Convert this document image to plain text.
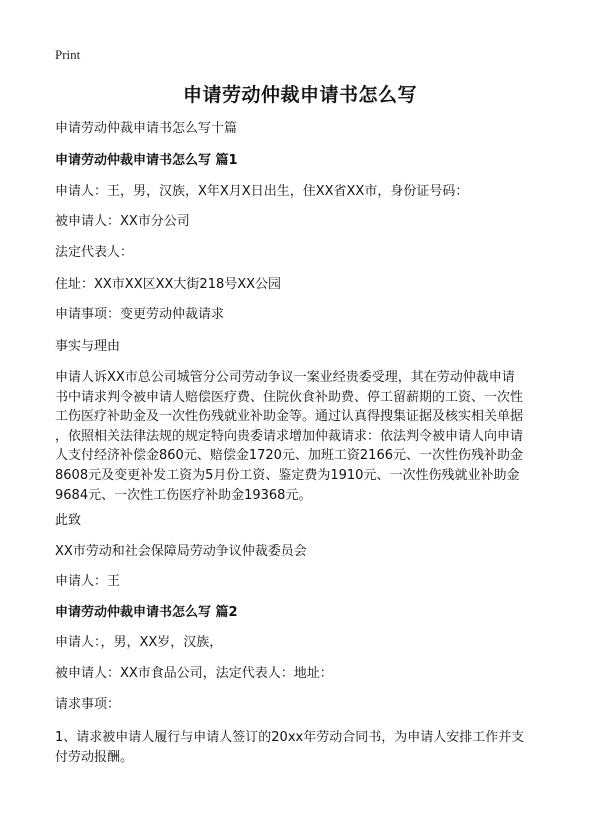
Print
申请劳动仲裁申请书怎么写
申请劳动仲裁申请书怎么写十篇
申请劳动仲裁申请书怎么写 篇1
申请人：王，男，汉族，X年X月X日出生，住XX省XX市，身份证号码：
被申请人：XX市分公司
法定代表人：
住址：XX市XX区XX大街218号XX公园
申请事项：变更劳动仲裁请求
事实与理由
申请人诉XX市总公司城管分公司劳动争议一案业经贵委受理，其在劳动仲裁申请
书中请求判令被申请人赔偿医疗费、住院伙食补助费、停工留薪期的工资、一次性
工伤医疗补助金及一次性伤残就业补助金等。通过认真得搜集证据及核实相关单据
，依照相关法律法规的规定特向贵委请求增加仲裁请求：依法判令被申请人向申请
人支付经济补偿金860元、赔偿金1720元、加班工资2166元、一次性伤残补助金
8608元及变更补发工资为5月份工资、鉴定费为1910元、一次性伤残就业补助金
9684元、一次性工伤医疗补助金19368元。
此致
XX市劳动和社会保障局劳动争议仲裁委员会
申请人：王
申请劳动仲裁申请书怎么写 篇2
申请人：，男，XX岁，汉族，
被申请人：XX市食品公司，法定代表人：地址：
请求事项：
1、请求被申请人履行与申请人签订的20xx年劳动合同书，为申请人安排工作并支
付劳动报酬。
